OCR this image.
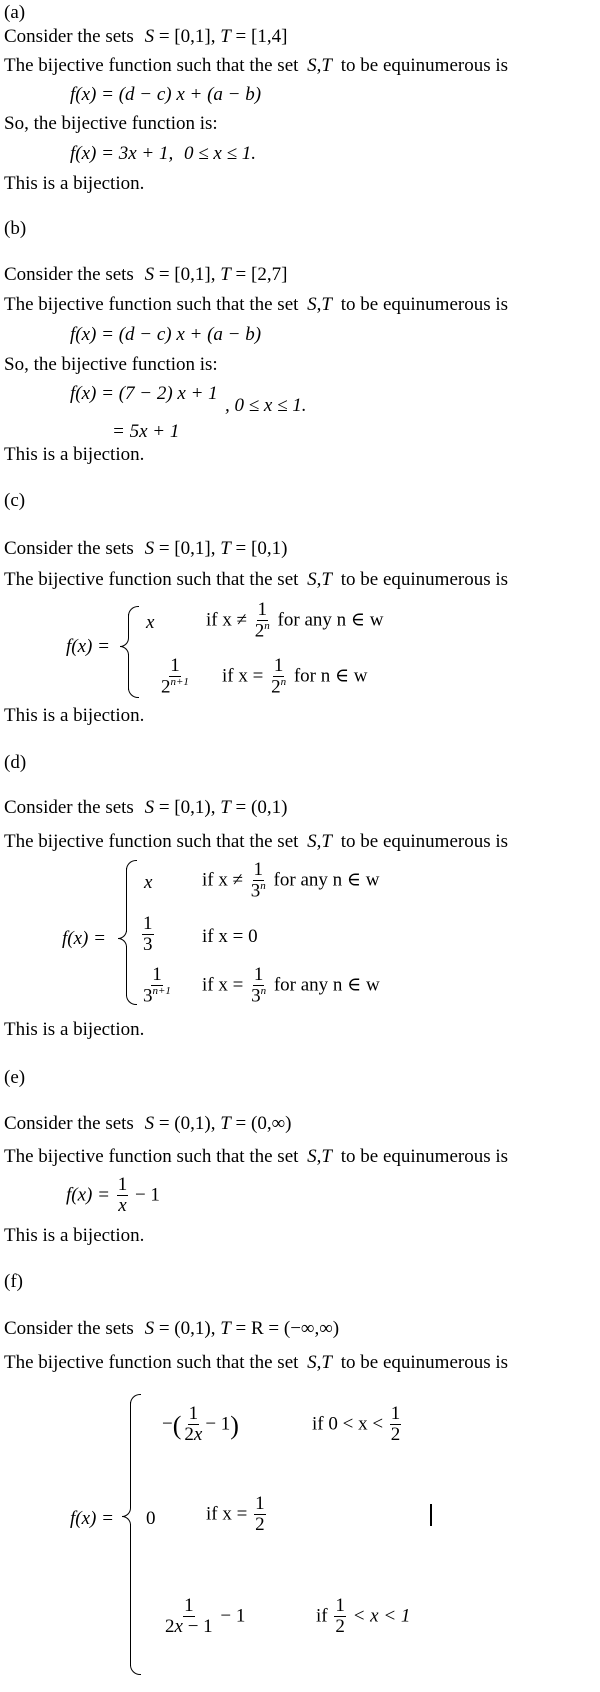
(a)
Consider the sets S = [0,1], T = [1,4]
The bijective function such that the set S,T to be equinumerous is
f(x) = (d − c) x + (a − b)
So, the bijective function is:
f(x) = 3x + 1, 0 ≤ x ≤ 1.
This is a bijection.
(b)
Consider the sets S = [0,1], T = [2,7]
The bijective function such that the set S,T to be equinumerous is
f(x) = (d − c) x + (a − b)
So, the bijective function is:
f(x) = (7 − 2) x + 1
, 0 ≤ x ≤ 1.
= 5x + 1
This is a bijection.
(c)
Consider the sets S = [0,1], T = [0,1)
The bijective function such that the set S,T to be equinumerous is
f(x) =
x	if $x \ne \frac{1}{2^n}$ for any n ∈ w
$\frac{1}{2^{n+1}}$ if $x = \frac{1}{2^n}$ for n ∈ w
This is a bijection.
(d)
Consider the sets S = [0,1), T = (0,1)
The bijective function such that the set S,T to be equinumerous is
f(x) =
x	if $x \ne \frac{1}{3^n}$ for any n ∈ w
$\frac{1}{3}$	if x = 0
$\frac{1}{3^{n+1}}$ if $x = \frac{1}{3^n}$ for any n ∈ w
This is a bijection.
(e)
Consider the sets S = (0,1), T = (0,∞)
The bijective function such that the set S,T to be equinumerous is
$f(x) = \frac{1}{x} - 1$
This is a bijection.
(f)
Consider the sets S = (0,1), T = R = (−∞,∞)
The bijective function such that the set S,T to be equinumerous is
f(x) =
−( $\frac{1}{2x} - 1$)	if $0 < x < \frac{1}{2}$
0	if $x = \frac{1}{2}$
$\frac{1}{2x - 1} - 1$	if $\frac{1}{2} < x < 1$
